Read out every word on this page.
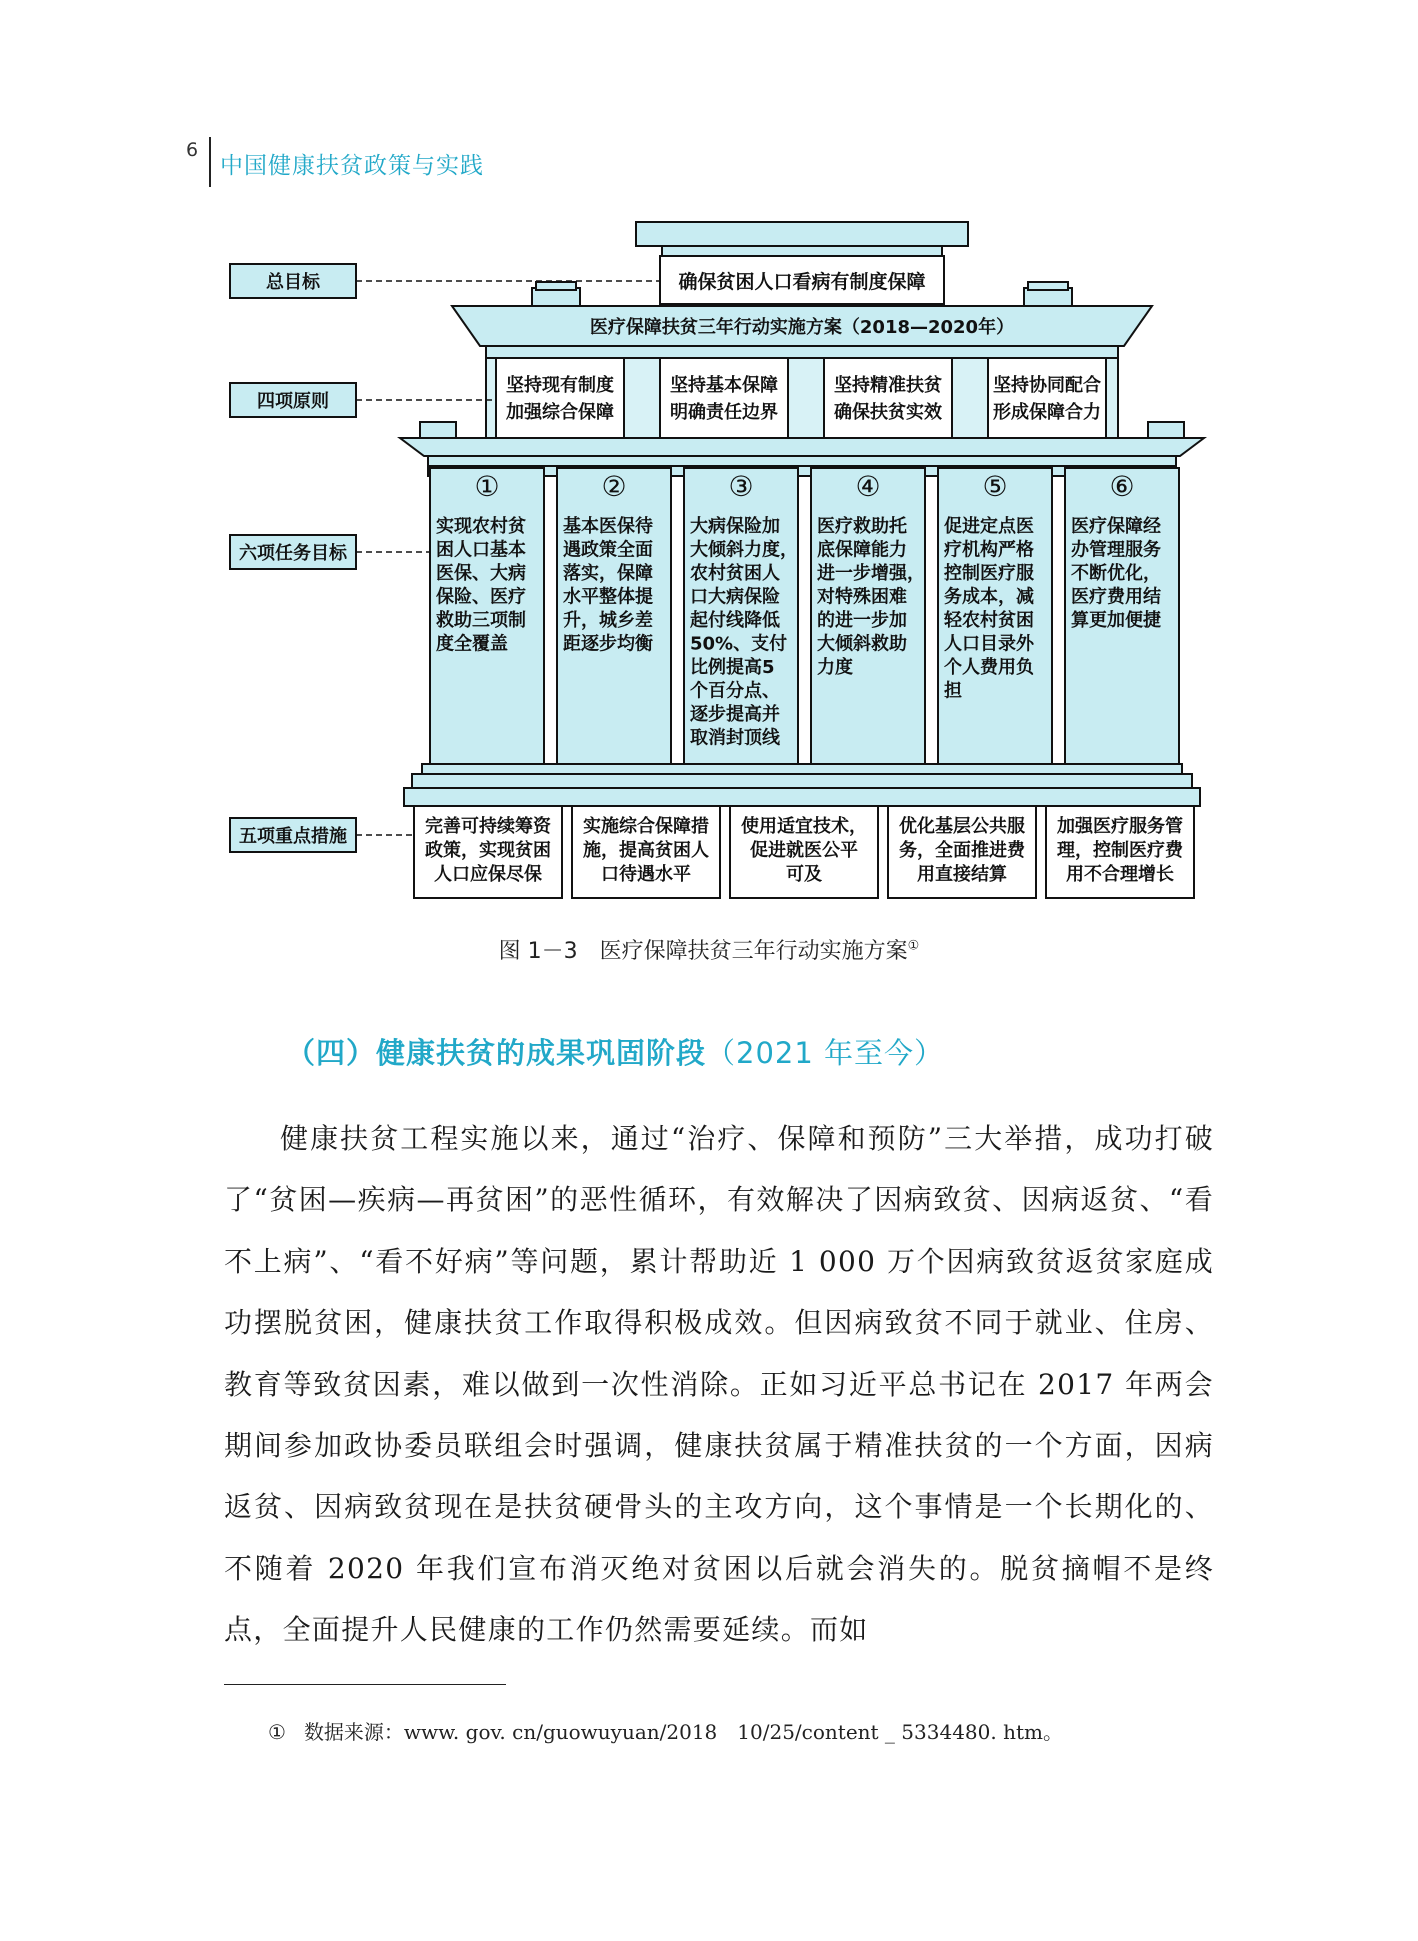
6
中国健康扶贫政策与实践
确保贫困人口看病有制度保障
医疗保障扶贫三年行动实施方案（2018—2020年）
坚持现有制度
加强综合保障
坚持基本保障
明确责任边界
坚持精准扶贫
确保扶贫实效
坚持协同配合
形成保障合力
①	②	③	④	⑤	⑥
实现农村贫
困人口基本
医保、大病
保险、医疗
救助三项制
度全覆盖
基本医保待
遇政策全面
落实，保障
水平整体提
升，城乡差
距逐步均衡
大病保险加
大倾斜力度，
农村贫困人
口大病保险
起付线降低
50%、支付
比例提高5
个百分点、
逐步提高并
取消封顶线
医疗救助托
底保障能力
进一步增强，
对特殊困难
的进一步加
大倾斜救助
力度
促进定点医
疗机构严格
控制医疗服
务成本，减
轻农村贫困
人口目录外
个人费用负
担
医疗保障经
办管理服务
不断优化，
医疗费用结
算更加便捷
完善可持续筹资
政策，实现贫困
人口应保尽保
实施综合保障措
施，提高贫困人
口待遇水平
使用适宜技术，
促进就医公平
可及
优化基层公共服
务，全面推进费
用直接结算
加强医疗服务管
理，控制医疗费
用不合理增长
总目标
四项原则
六项任务目标
五项重点措施
图 1－3　医疗保障扶贫三年行动实施方案①
（四）健康扶贫的成果巩固阶段（2021 年至今）

健康扶贫工程实施以来，通过“治疗、保障和预防”三大举措，成功打破了“贫困—疾病—再贫困”的恶性循环，有效解决了因病致贫、因病返贫、“看不上病”、“看不好病”等问题，累计帮助近 1 000 万个因病致贫返贫家庭成功摆脱贫困，健康扶贫工作取得积极成效。但因病致贫不同于就业、住房、教育等致贫因素，难以做到一次性消除。正如习近平总书记在 2017 年两会期间参加政协委员联组会时强调，健康扶贫属于精准扶贫的一个方面，因病返贫、因病致贫现在是扶贫硬骨头的主攻方向，这个事情是一个长期化的、不随着 2020 年我们宣布消灭绝对贫困以后就会消失的。脱贫摘帽不是终点，全面提升人民健康的工作仍然需要延续。而如

① 数据来源：www. gov. cn/guowuyuan/2018　10/25/content _ 5334480. htm。
